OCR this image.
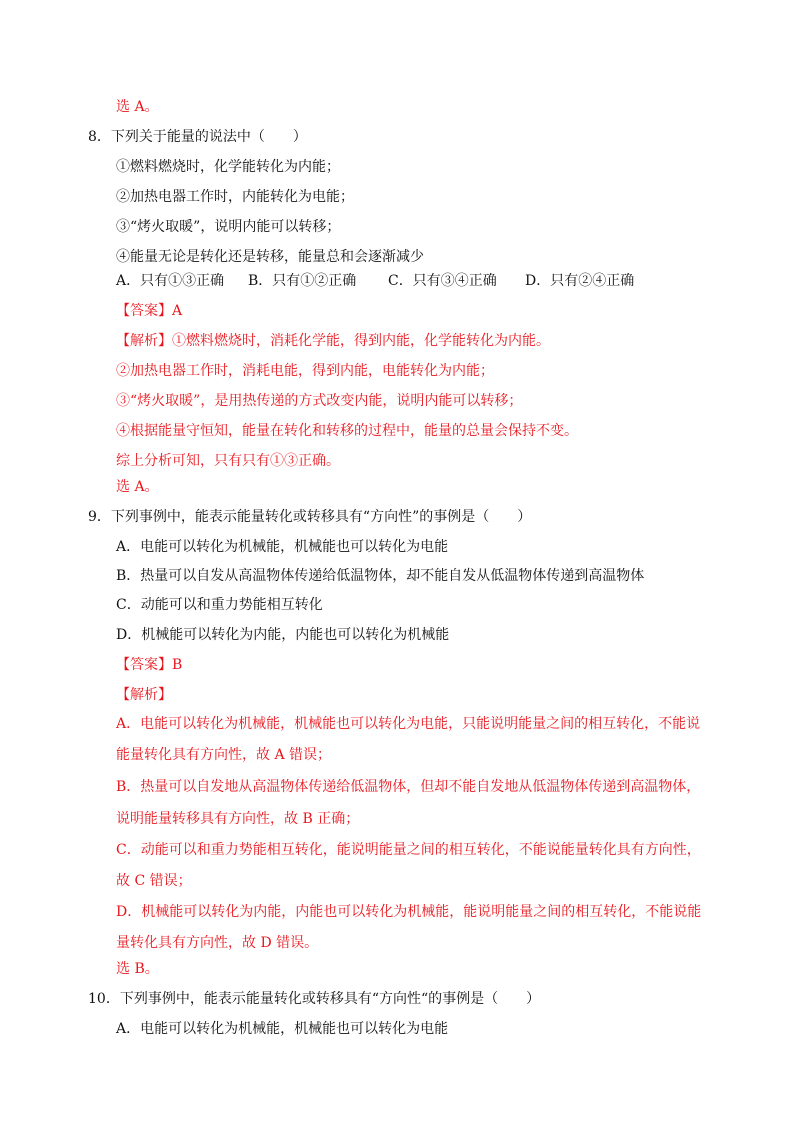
选 A。
8．下列关于能量的说法中（　　）
①燃料燃烧时，化学能转化为内能；
②加热电器工作时，内能转化为电能；
③“烤火取暖”，说明内能可以转移；
④能量无论是转化还是转移，能量总和会逐渐减少
A．只有①③正确 B．只有①②正确 C．只有③④正确 D．只有②④正确
【答案】A
【解析】①燃料燃烧时，消耗化学能，得到内能，化学能转化为内能。
②加热电器工作时，消耗电能，得到内能，电能转化为内能；
③“烤火取暖”，是用热传递的方式改变内能，说明内能可以转移；
④根据能量守恒知，能量在转化和转移的过程中，能量的总量会保持不变。
综上分析可知，只有只有①③正确。
选 A。
9．下列事例中，能表示能量转化或转移具有“方向性”的事例是（　　）
A．电能可以转化为机械能，机械能也可以转化为电能
B．热量可以自发从高温物体传递给低温物体，却不能自发从低温物体传递到高温物体
C．动能可以和重力势能相互转化
D．机械能可以转化为内能，内能也可以转化为机械能
【答案】B
【解析】
A．电能可以转化为机械能，机械能也可以转化为电能，只能说明能量之间的相互转化，不能说
能量转化具有方向性，故 A 错误；
B．热量可以自发地从高温物体传递给低温物体，但却不能自发地从低温物体传递到高温物体，
说明能量转移具有方向性，故 B 正确；
C．动能可以和重力势能相互转化，能说明能量之间的相互转化，不能说能量转化具有方向性，
故 C 错误；
D．机械能可以转化为内能，内能也可以转化为机械能，能说明能量之间的相互转化，不能说能
量转化具有方向性，故 D 错误。
选 B。
10．下列事例中，能表示能量转化或转移具有“方向性“的事例是（　　）
A．电能可以转化为机械能，机械能也可以转化为电能
